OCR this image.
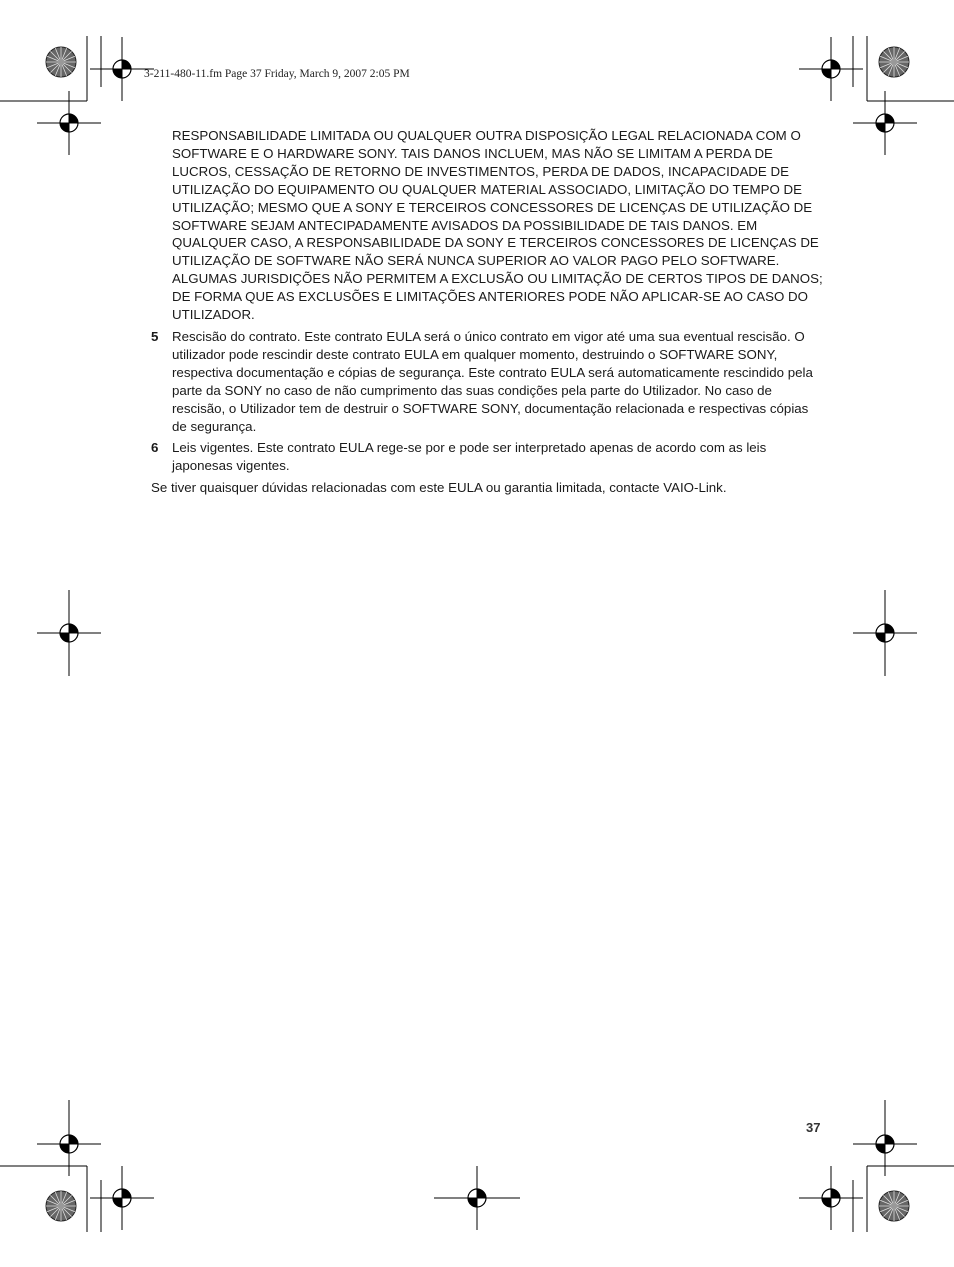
3-211-480-11.fm Page 37 Friday, March 9, 2007 2:05 PM

RESPONSABILIDADE LIMITADA OU QUALQUER OUTRA DISPOSIÇÃO LEGAL RELACIONADA COM O SOFTWARE E O HARDWARE SONY. TAIS DANOS INCLUEM, MAS NÃO SE LIMITAM A PERDA DE LUCROS, CESSAÇÃO DE RETORNO DE INVESTIMENTOS, PERDA DE DADOS, INCAPACIDADE DE UTILIZAÇÃO DO EQUIPAMENTO OU QUALQUER MATERIAL ASSOCIADO, LIMITAÇÃO DO TEMPO DE UTILIZAÇÃO; MESMO QUE A SONY E TERCEIROS CONCESSORES DE LICENÇAS DE UTILIZAÇÃO DE SOFTWARE SEJAM ANTECIPADAMENTE AVISADOS DA POSSIBILIDADE DE TAIS DANOS. EM QUALQUER CASO, A RESPONSABILIDADE DA SONY E TERCEIROS CONCESSORES DE LICENÇAS DE UTILIZAÇÃO DE SOFTWARE NÃO SERÁ NUNCA SUPERIOR AO VALOR PAGO PELO SOFTWARE. ALGUMAS JURISDIÇÕES NÃO PERMITEM A EXCLUSÃO OU LIMITAÇÃO DE CERTOS TIPOS DE DANOS; DE FORMA QUE AS EXCLUSÕES E LIMITAÇÕES ANTERIORES PODE NÃO APLICAR-SE AO CASO DO UTILIZADOR.

5 Rescisão do contrato. Este contrato EULA será o único contrato em vigor até uma sua eventual rescisão. O utilizador pode rescindir deste contrato EULA em qualquer momento, destruindo o SOFTWARE SONY, respectiva documentação e cópias de segurança. Este contrato EULA será automaticamente rescindido pela parte da SONY no caso de não cumprimento das suas condições pela parte do Utilizador. No caso de rescisão, o Utilizador tem de destruir o SOFTWARE SONY, documentação relacionada e respectivas cópias de segurança.
6 Leis vigentes. Este contrato EULA rege-se por e pode ser interpretado apenas de acordo com as leis japonesas vigentes.
Se tiver quaisquer dúvidas relacionadas com este EULA ou garantia limitada, contacte VAIO-Link.
37
